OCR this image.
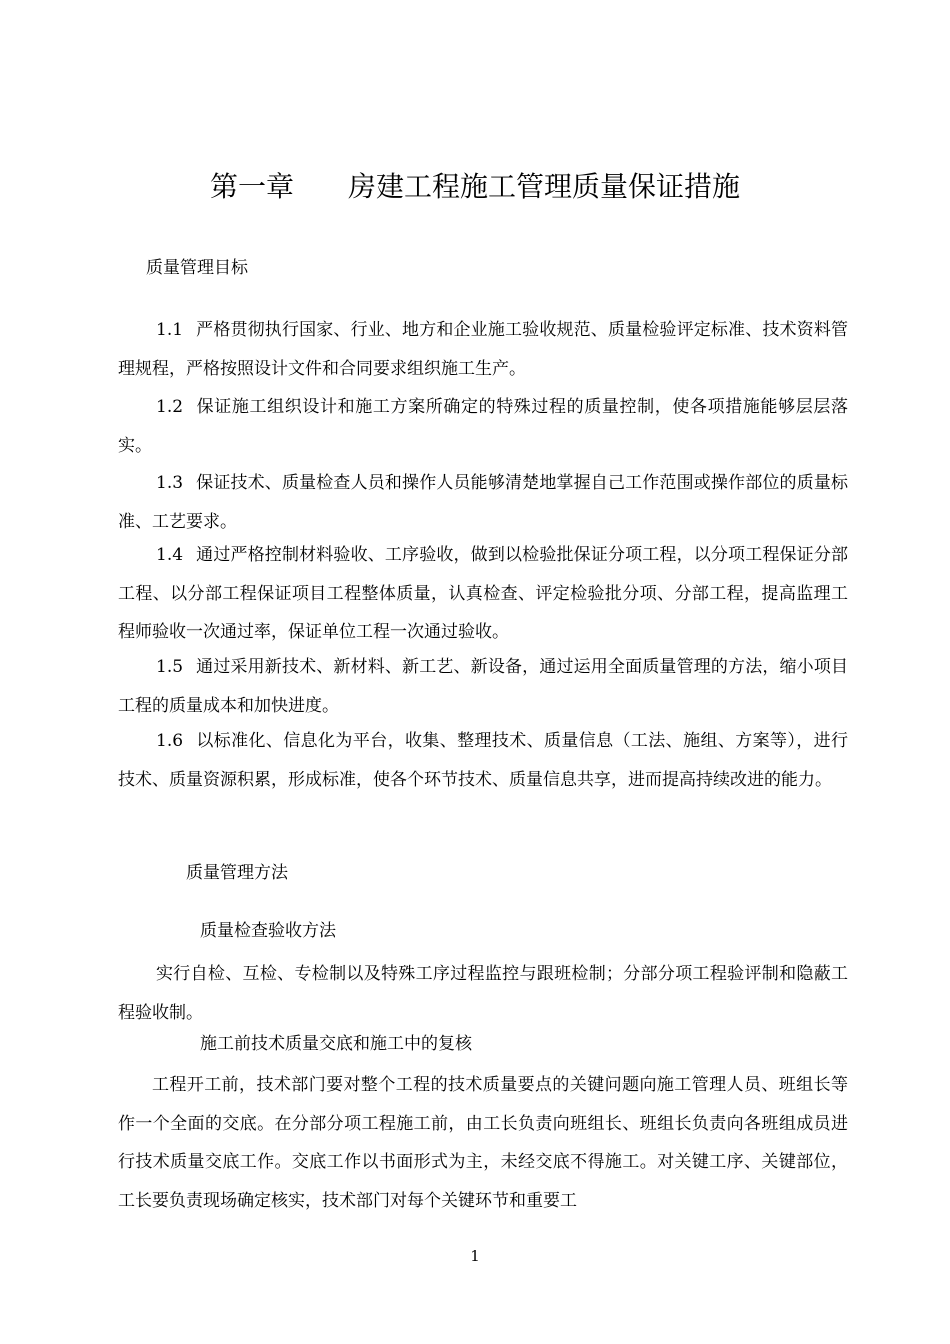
第一章 房建工程施工管理质量保证措施
质量管理目标
1.1 严格贯彻执行国家、行业、地方和企业施工验收规范、质量检验评定标准、技术资料管理规程，严格按照设计文件和合同要求组织施工生产。
1.2 保证施工组织设计和施工方案所确定的特殊过程的质量控制，使各项措施能够层层落实。
1.3 保证技术、质量检查人员和操作人员能够清楚地掌握自己工作范围或操作部位的质量标准、工艺要求。
1.4 通过严格控制材料验收、工序验收，做到以检验批保证分项工程，以分项工程保证分部工程、以分部工程保证项目工程整体质量，认真检查、评定检验批分项、分部工程，提高监理工程师验收一次通过率，保证单位工程一次通过验收。
1.5 通过采用新技术、新材料、新工艺、新设备，通过运用全面质量管理的方法，缩小项目工程的质量成本和加快进度。
1.6 以标准化、信息化为平台，收集、整理技术、质量信息（工法、施组、方案等），进行技术、质量资源积累，形成标准，使各个环节技术、质量信息共享，进而提高持续改进的能力。
质量管理方法
质量检查验收方法
实行自检、互检、专检制以及特殊工序过程监控与跟班检制；分部分项工程验评制和隐蔽工程验收制。
施工前技术质量交底和施工中的复核
工程开工前，技术部门要对整个工程的技术质量要点的关键问题向施工管理人员、班组长等作一个全面的交底。在分部分项工程施工前，由工长负责向班组长、班组长负责向各班组成员进行技术质量交底工作。交底工作以书面形式为主，未经交底不得施工。对关键工序、关键部位，工长要负责现场确定核实，技术部门对每个关键环节和重要工
1
